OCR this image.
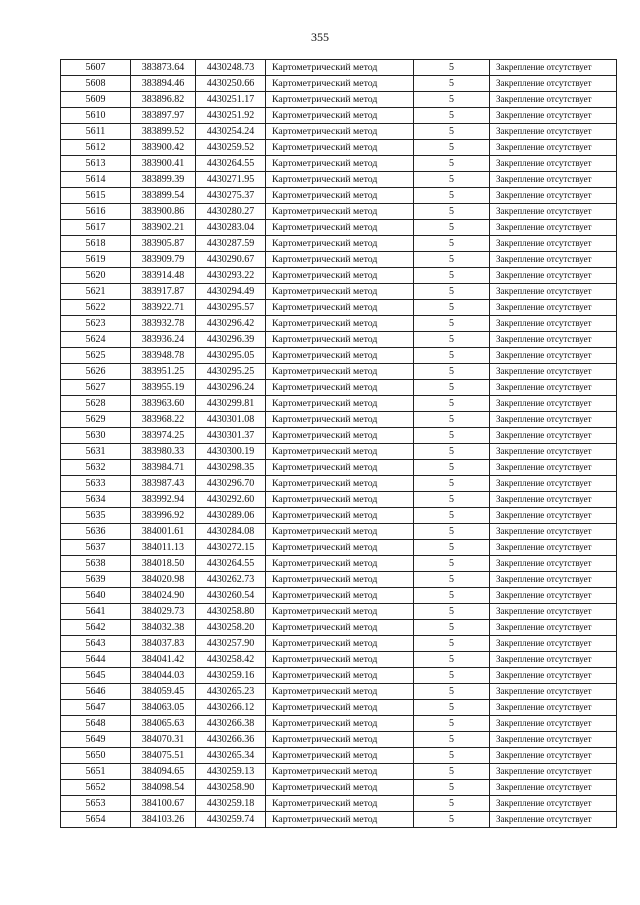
355
5607	383873.64	4430248.73	Картометрический метод	5	Закрепление отсутствует
5608	383894.46	4430250.66	Картометрический метод	5	Закрепление отсутствует
5609	383896.82	4430251.17	Картометрический метод	5	Закрепление отсутствует
5610	383897.97	4430251.92	Картометрический метод	5	Закрепление отсутствует
5611	383899.52	4430254.24	Картометрический метод	5	Закрепление отсутствует
5612	383900.42	4430259.52	Картометрический метод	5	Закрепление отсутствует
5613	383900.41	4430264.55	Картометрический метод	5	Закрепление отсутствует
5614	383899.39	4430271.95	Картометрический метод	5	Закрепление отсутствует
5615	383899.54	4430275.37	Картометрический метод	5	Закрепление отсутствует
5616	383900.86	4430280.27	Картометрический метод	5	Закрепление отсутствует
5617	383902.21	4430283.04	Картометрический метод	5	Закрепление отсутствует
5618	383905.87	4430287.59	Картометрический метод	5	Закрепление отсутствует
5619	383909.79	4430290.67	Картометрический метод	5	Закрепление отсутствует
5620	383914.48	4430293.22	Картометрический метод	5	Закрепление отсутствует
5621	383917.87	4430294.49	Картометрический метод	5	Закрепление отсутствует
5622	383922.71	4430295.57	Картометрический метод	5	Закрепление отсутствует
5623	383932.78	4430296.42	Картометрический метод	5	Закрепление отсутствует
5624	383936.24	4430296.39	Картометрический метод	5	Закрепление отсутствует
5625	383948.78	4430295.05	Картометрический метод	5	Закрепление отсутствует
5626	383951.25	4430295.25	Картометрический метод	5	Закрепление отсутствует
5627	383955.19	4430296.24	Картометрический метод	5	Закрепление отсутствует
5628	383963.60	4430299.81	Картометрический метод	5	Закрепление отсутствует
5629	383968.22	4430301.08	Картометрический метод	5	Закрепление отсутствует
5630	383974.25	4430301.37	Картометрический метод	5	Закрепление отсутствует
5631	383980.33	4430300.19	Картометрический метод	5	Закрепление отсутствует
5632	383984.71	4430298.35	Картометрический метод	5	Закрепление отсутствует
5633	383987.43	4430296.70	Картометрический метод	5	Закрепление отсутствует
5634	383992.94	4430292.60	Картометрический метод	5	Закрепление отсутствует
5635	383996.92	4430289.06	Картометрический метод	5	Закрепление отсутствует
5636	384001.61	4430284.08	Картометрический метод	5	Закрепление отсутствует
5637	384011.13	4430272.15	Картометрический метод	5	Закрепление отсутствует
5638	384018.50	4430264.55	Картометрический метод	5	Закрепление отсутствует
5639	384020.98	4430262.73	Картометрический метод	5	Закрепление отсутствует
5640	384024.90	4430260.54	Картометрический метод	5	Закрепление отсутствует
5641	384029.73	4430258.80	Картометрический метод	5	Закрепление отсутствует
5642	384032.38	4430258.20	Картометрический метод	5	Закрепление отсутствует
5643	384037.83	4430257.90	Картометрический метод	5	Закрепление отсутствует
5644	384041.42	4430258.42	Картометрический метод	5	Закрепление отсутствует
5645	384044.03	4430259.16	Картометрический метод	5	Закрепление отсутствует
5646	384059.45	4430265.23	Картометрический метод	5	Закрепление отсутствует
5647	384063.05	4430266.12	Картометрический метод	5	Закрепление отсутствует
5648	384065.63	4430266.38	Картометрический метод	5	Закрепление отсутствует
5649	384070.31	4430266.36	Картометрический метод	5	Закрепление отсутствует
5650	384075.51	4430265.34	Картометрический метод	5	Закрепление отсутствует
5651	384094.65	4430259.13	Картометрический метод	5	Закрепление отсутствует
5652	384098.54	4430258.90	Картометрический метод	5	Закрепление отсутствует
5653	384100.67	4430259.18	Картометрический метод	5	Закрепление отсутствует
5654	384103.26	4430259.74	Картометрический метод	5	Закрепление отсутствует
